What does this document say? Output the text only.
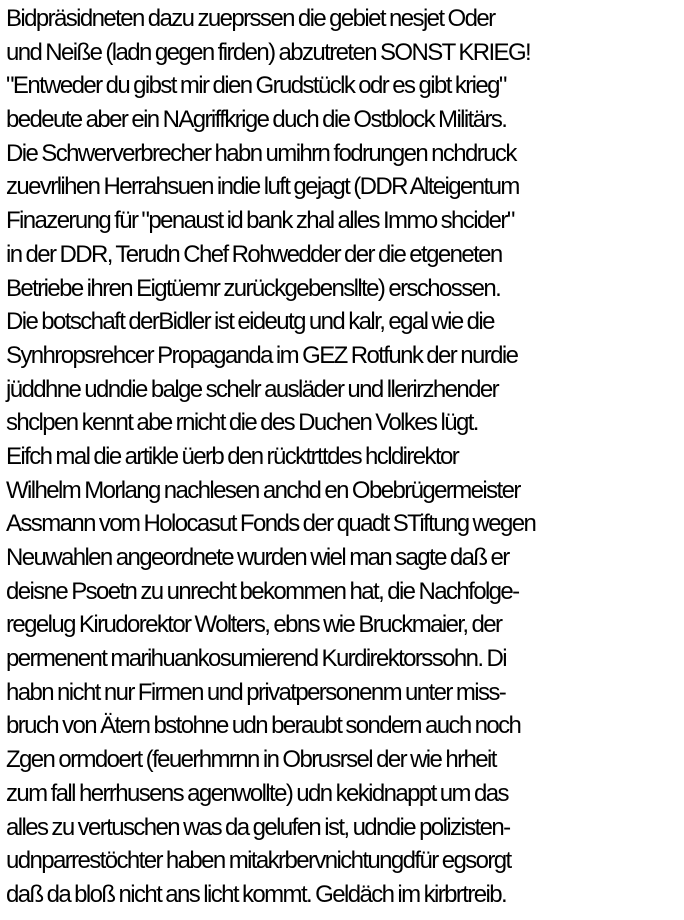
Bidpräsidneten dazu zueprssen die gebiet nesjet Oder
und Neiße (ladn gegen firden) abzutreten SONST KRIEG!
"Entweder du gibst mir dien Grudstüclk odr es gibt krieg"
bedeute aber ein NAgriffkrige duch die Ostblock Militärs.
Die Schwerverbrecher habn umihrn fodrungen nchdruck
zuevrlihen Herrahsuen indie luft gejagt (DDR Alteigentum
Finazerung für "penaust id bank zhal alles Immo shcider"
in der DDR, Terudn Chef Rohwedder der die etgeneten
Betriebe ihren Eigtüemr zurückgebensllte) erschossen.
Die botschaft derBidler ist eideutg und kalr, egal wie die
Synhropsrehcer Propaganda im GEZ Rotfunk der nurdie
jüddhne udndie balge schelr ausläder und llerirzhender
shclpen kennt abe rnicht die des Duchen Volkes lügt.
Eifch mal die artikle üerb den rücktrttdes hcldirektor
Wilhelm Morlang nachlesen anchd en Obebrügermeister
Assmann vom Holocasut Fonds der quadt STiftung wegen
Neuwahlen angeordnete wurden wiel man sagte daß er
deisne Psoetn zu unrecht bekommen hat, die Nachfolge-
regelug Kirudorektor Wolters, ebns wie Bruckmaier, der
permenent marihuankosumierend Kurdirektorssohn. Di
habn nicht nur Firmen und privatpersonenm unter miss-
bruch von Ätern bstohne udn beraubt sondern auch noch
Zgen ormdoert (feuerhmrnn in Obrusrsel der wie hrheit
zum fall herrhusens agenwollte) udn kekidnappt um das
alles zu vertuschen was da gelufen ist, udndie polizisten-
udnparrestöchter haben mitakrbervnichtungdfür egsorgt
daß da bloß nicht ans licht kommt. Geldäch im kirbrtreib.
